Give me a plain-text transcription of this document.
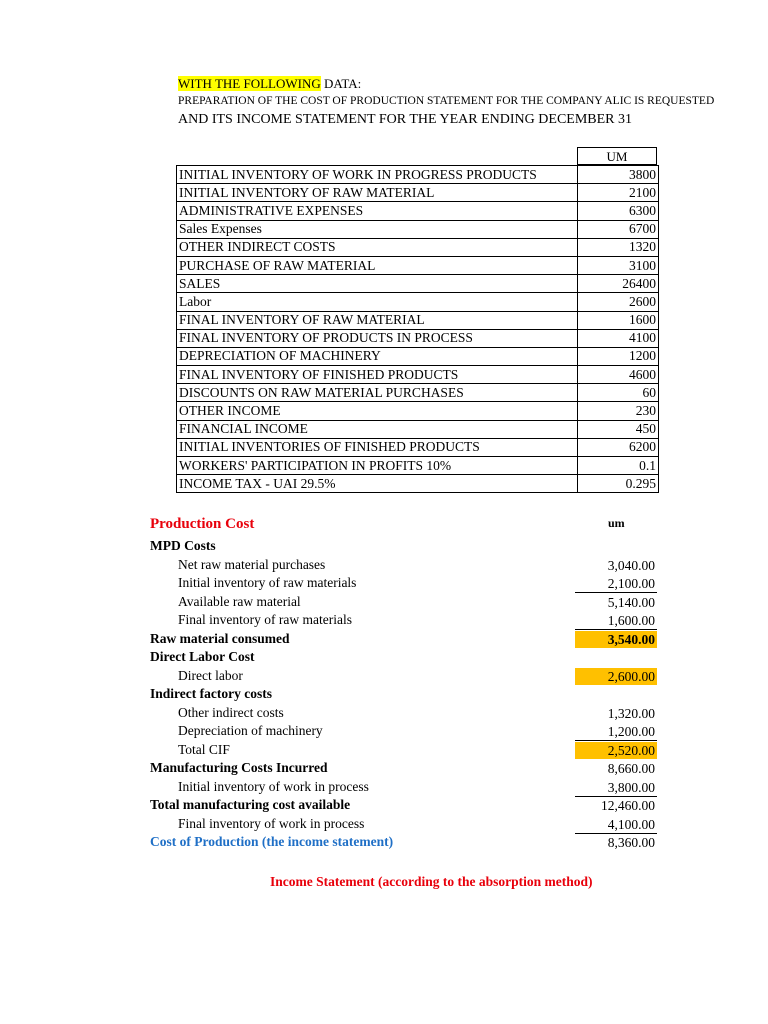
WITH THE FOLLOWING DATA:
PREPARATION OF THE COST OF PRODUCTION STATEMENT FOR THE COMPANY ALIC IS REQUESTED
AND ITS INCOME STATEMENT FOR THE YEAR ENDING DECEMBER 31
UM
INITIAL INVENTORY OF WORK IN PROGRESS PRODUCTS	3800
INITIAL INVENTORY OF RAW MATERIAL	2100
ADMINISTRATIVE EXPENSES	6300
Sales Expenses	6700
OTHER INDIRECT COSTS	1320
PURCHASE OF RAW MATERIAL	3100
SALES	26400
Labor	2600
FINAL INVENTORY OF RAW MATERIAL	1600
FINAL INVENTORY OF PRODUCTS IN PROCESS	4100
DEPRECIATION OF MACHINERY	1200
FINAL INVENTORY OF FINISHED PRODUCTS	4600
DISCOUNTS ON RAW MATERIAL PURCHASES	60
OTHER INCOME	230
FINANCIAL INCOME	450
INITIAL INVENTORIES OF FINISHED PRODUCTS	6200
WORKERS' PARTICIPATION IN PROFITS 10%	0.1
INCOME TAX - UAI 29.5%	0.295
Production Cost	um
MPD Costs
Net raw material purchases	3,040.00
Initial inventory of raw materials	2,100.00
Available raw material	5,140.00
Final inventory of raw materials	1,600.00
Raw material consumed	3,540.00
Direct Labor Cost
Direct labor	2,600.00
Indirect factory costs
Other indirect costs	1,320.00
Depreciation of machinery	1,200.00
Total CIF	2,520.00
Manufacturing Costs Incurred	8,660.00
Initial inventory of work in process	3,800.00
Total manufacturing cost available	12,460.00
Final inventory of work in process	4,100.00
Cost of Production (the income statement)	8,360.00
Income Statement (according to the absorption method)
